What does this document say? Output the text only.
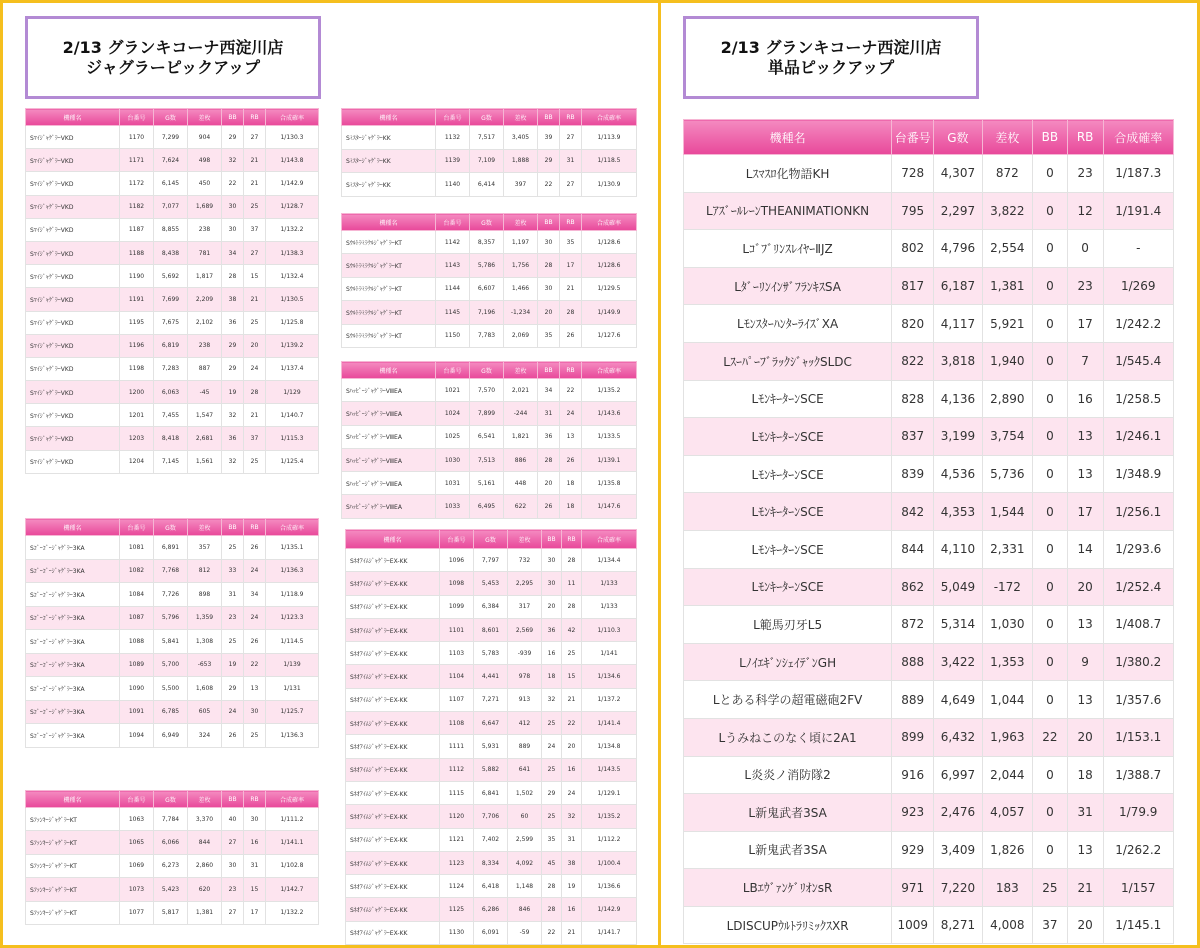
2/13 グランキコーナ西淀川店
ジャグラーピックアップ
機種名	台番号	G数	差枚	BB	RB	合成確率
SﾏｲｼﾞｬｸﾞﾗｰVKD	1170	7,299	904	29	27	1/130.3
SﾏｲｼﾞｬｸﾞﾗｰVKD	1171	7,624	498	32	21	1/143.8
SﾏｲｼﾞｬｸﾞﾗｰVKD	1172	6,145	450	22	21	1/142.9
SﾏｲｼﾞｬｸﾞﾗｰVKD	1182	7,077	1,689	30	25	1/128.7
SﾏｲｼﾞｬｸﾞﾗｰVKD	1187	8,855	238	30	37	1/132.2
SﾏｲｼﾞｬｸﾞﾗｰVKD	1188	8,438	781	34	27	1/138.3
SﾏｲｼﾞｬｸﾞﾗｰVKD	1190	5,692	1,817	28	15	1/132.4
SﾏｲｼﾞｬｸﾞﾗｰVKD	1191	7,699	2,209	38	21	1/130.5
SﾏｲｼﾞｬｸﾞﾗｰVKD	1195	7,675	2,102	36	25	1/125.8
SﾏｲｼﾞｬｸﾞﾗｰVKD	1196	6,819	238	29	20	1/139.2
SﾏｲｼﾞｬｸﾞﾗｰVKD	1198	7,283	887	29	24	1/137.4
SﾏｲｼﾞｬｸﾞﾗｰVKD	1200	6,063	-45	19	28	1/129
SﾏｲｼﾞｬｸﾞﾗｰVKD	1201	7,455	1,547	32	21	1/140.7
SﾏｲｼﾞｬｸﾞﾗｰVKD	1203	8,418	2,681	36	37	1/115.3
SﾏｲｼﾞｬｸﾞﾗｰVKD	1204	7,145	1,561	32	25	1/125.4
機種名	台番号	G数	差枚	BB	RB	合成確率
SﾐｽﾀｰｼﾞｬｸﾞﾗｰKK	1132	7,517	3,405	39	27	1/113.9
SﾐｽﾀｰｼﾞｬｸﾞﾗｰKK	1139	7,109	1,888	29	31	1/118.5
SﾐｽﾀｰｼﾞｬｸﾞﾗｰKK	1140	6,414	397	22	27	1/130.9
機種名	台番号	G数	差枚	BB	RB	合成確率
SｳﾙﾄﾗﾐﾗｸﾙｼﾞｬｸﾞﾗｰKT	1142	8,357	1,197	30	35	1/128.6
SｳﾙﾄﾗﾐﾗｸﾙｼﾞｬｸﾞﾗｰKT	1143	5,786	1,756	28	17	1/128.6
SｳﾙﾄﾗﾐﾗｸﾙｼﾞｬｸﾞﾗｰKT	1144	6,607	1,466	30	21	1/129.5
SｳﾙﾄﾗﾐﾗｸﾙｼﾞｬｸﾞﾗｰKT	1145	7,196	-1,234	20	28	1/149.9
SｳﾙﾄﾗﾐﾗｸﾙｼﾞｬｸﾞﾗｰKT	1150	7,783	2,069	35	26	1/127.6
機種名	台番号	G数	差枚	BB	RB	合成確率
SﾊｯﾋﾟｰｼﾞｬｸﾞﾗｰVⅢEA	1021	7,570	2,021	34	22	1/135.2
SﾊｯﾋﾟｰｼﾞｬｸﾞﾗｰVⅢEA	1024	7,899	-244	31	24	1/143.6
SﾊｯﾋﾟｰｼﾞｬｸﾞﾗｰVⅢEA	1025	6,541	1,821	36	13	1/133.5
SﾊｯﾋﾟｰｼﾞｬｸﾞﾗｰVⅢEA	1030	7,513	886	28	26	1/139.1
SﾊｯﾋﾟｰｼﾞｬｸﾞﾗｰVⅢEA	1031	5,161	448	20	18	1/135.8
SﾊｯﾋﾟｰｼﾞｬｸﾞﾗｰVⅢEA	1033	6,495	622	26	18	1/147.6
機種名	台番号	G数	差枚	BB	RB	合成確率
Sｺﾞｰｺﾞｰｼﾞｬｸﾞﾗｰ3KA	1081	6,891	357	25	26	1/135.1
Sｺﾞｰｺﾞｰｼﾞｬｸﾞﾗｰ3KA	1082	7,768	812	33	24	1/136.3
Sｺﾞｰｺﾞｰｼﾞｬｸﾞﾗｰ3KA	1084	7,726	898	31	34	1/118.9
Sｺﾞｰｺﾞｰｼﾞｬｸﾞﾗｰ3KA	1087	5,796	1,359	23	24	1/123.3
Sｺﾞｰｺﾞｰｼﾞｬｸﾞﾗｰ3KA	1088	5,841	1,308	25	26	1/114.5
Sｺﾞｰｺﾞｰｼﾞｬｸﾞﾗｰ3KA	1089	5,700	-653	19	22	1/139
Sｺﾞｰｺﾞｰｼﾞｬｸﾞﾗｰ3KA	1090	5,500	1,608	29	13	1/131
Sｺﾞｰｺﾞｰｼﾞｬｸﾞﾗｰ3KA	1091	6,785	605	24	30	1/125.7
Sｺﾞｰｺﾞｰｼﾞｬｸﾞﾗｰ3KA	1094	6,949	324	26	25	1/136.3
機種名	台番号	G数	差枚	BB	RB	合成確率
SﾈｵｱｲﾑｼﾞｬｸﾞﾗｰEX-KK	1096	7,797	732	30	28	1/134.4
SﾈｵｱｲﾑｼﾞｬｸﾞﾗｰEX-KK	1098	5,453	2,295	30	11	1/133
SﾈｵｱｲﾑｼﾞｬｸﾞﾗｰEX-KK	1099	6,384	317	20	28	1/133
SﾈｵｱｲﾑｼﾞｬｸﾞﾗｰEX-KK	1101	8,601	2,569	36	42	1/110.3
SﾈｵｱｲﾑｼﾞｬｸﾞﾗｰEX-KK	1103	5,783	-939	16	25	1/141
SﾈｵｱｲﾑｼﾞｬｸﾞﾗｰEX-KK	1104	4,441	978	18	15	1/134.6
SﾈｵｱｲﾑｼﾞｬｸﾞﾗｰEX-KK	1107	7,271	913	32	21	1/137.2
SﾈｵｱｲﾑｼﾞｬｸﾞﾗｰEX-KK	1108	6,647	412	25	22	1/141.4
SﾈｵｱｲﾑｼﾞｬｸﾞﾗｰEX-KK	1111	5,931	889	24	20	1/134.8
SﾈｵｱｲﾑｼﾞｬｸﾞﾗｰEX-KK	1112	5,882	641	25	16	1/143.5
SﾈｵｱｲﾑｼﾞｬｸﾞﾗｰEX-KK	1115	6,841	1,502	29	24	1/129.1
SﾈｵｱｲﾑｼﾞｬｸﾞﾗｰEX-KK	1120	7,706	60	25	32	1/135.2
SﾈｵｱｲﾑｼﾞｬｸﾞﾗｰEX-KK	1121	7,402	2,599	35	31	1/112.2
SﾈｵｱｲﾑｼﾞｬｸﾞﾗｰEX-KK	1123	8,334	4,092	45	38	1/100.4
SﾈｵｱｲﾑｼﾞｬｸﾞﾗｰEX-KK	1124	6,418	1,148	28	19	1/136.6
SﾈｵｱｲﾑｼﾞｬｸﾞﾗｰEX-KK	1125	6,286	846	28	16	1/142.9
SﾈｵｱｲﾑｼﾞｬｸﾞﾗｰEX-KK	1130	6,091	-59	22	21	1/141.7
機種名	台番号	G数	差枚	BB	RB	合成確率
SﾌｧﾝｷｰｼﾞｬｸﾞﾗｰKT	1063	7,784	3,370	40	30	1/111.2
SﾌｧﾝｷｰｼﾞｬｸﾞﾗｰKT	1065	6,066	844	27	16	1/141.1
SﾌｧﾝｷｰｼﾞｬｸﾞﾗｰKT	1069	6,273	2,860	30	31	1/102.8
SﾌｧﾝｷｰｼﾞｬｸﾞﾗｰKT	1073	5,423	620	23	15	1/142.7
SﾌｧﾝｷｰｼﾞｬｸﾞﾗｰKT	1077	5,817	1,381	27	17	1/132.2
2/13 グランキコーナ西淀川店
単品ピックアップ
機種名	台番号	G数	差枚	BB	RB	合成確率
Lｽﾏｽﾛ化物語KH	728	4,307	872	0	23	1/187.3
LｱｽﾞｰﾙﾚｰﾝTHEANIMATIONKN	795	2,297	3,822	0	12	1/191.4
LｺﾞﾌﾞﾘﾝｽﾚｲﾔｰⅡJZ	802	4,796	2,554	0	0	-
LﾀﾞｰﾘﾝｲﾝｻﾞﾌﾗﾝｷｽSA	817	6,187	1,381	0	23	1/269
LﾓﾝｽﾀｰﾊﾝﾀｰﾗｲｽﾞXA	820	4,117	5,921	0	17	1/242.2
LｽｰﾊﾟｰﾌﾞﾗｯｸｼﾞｬｯｸSLDC	822	3,818	1,940	0	7	1/545.4
LﾓﾝｷｰﾀｰﾝSCE	828	4,136	2,890	0	16	1/258.5
LﾓﾝｷｰﾀｰﾝSCE	837	3,199	3,754	0	13	1/246.1
LﾓﾝｷｰﾀｰﾝSCE	839	4,536	5,736	0	13	1/348.9
LﾓﾝｷｰﾀｰﾝSCE	842	4,353	1,544	0	17	1/256.1
LﾓﾝｷｰﾀｰﾝSCE	844	4,110	2,331	0	14	1/293.6
LﾓﾝｷｰﾀｰﾝSCE	862	5,049	-172	0	20	1/252.4
L範馬刃牙L5	872	5,314	1,030	0	13	1/408.7
LﾉｲｴｷﾞﾝｼｪｲﾃﾞﾝGH	888	3,422	1,353	0	9	1/380.2
Lとある科学の超電磁砲2FV	889	4,649	1,044	0	13	1/357.6
Lうみねこのなく頃に2A1	899	6,432	1,963	22	20	1/153.1
L炎炎ノ消防隊2	916	6,997	2,044	0	18	1/388.7
L新鬼武者3SA	923	2,476	4,057	0	31	1/79.9
L新鬼武者3SA	929	3,409	1,826	0	13	1/262.2
LBｴｳﾞｧﾝｹﾞﾘｵﾝsR	971	7,220	183	25	21	1/157
LDISCUPｳﾙﾄﾗﾘﾐｯｸｽXR	1009	8,271	4,008	37	20	1/145.1
